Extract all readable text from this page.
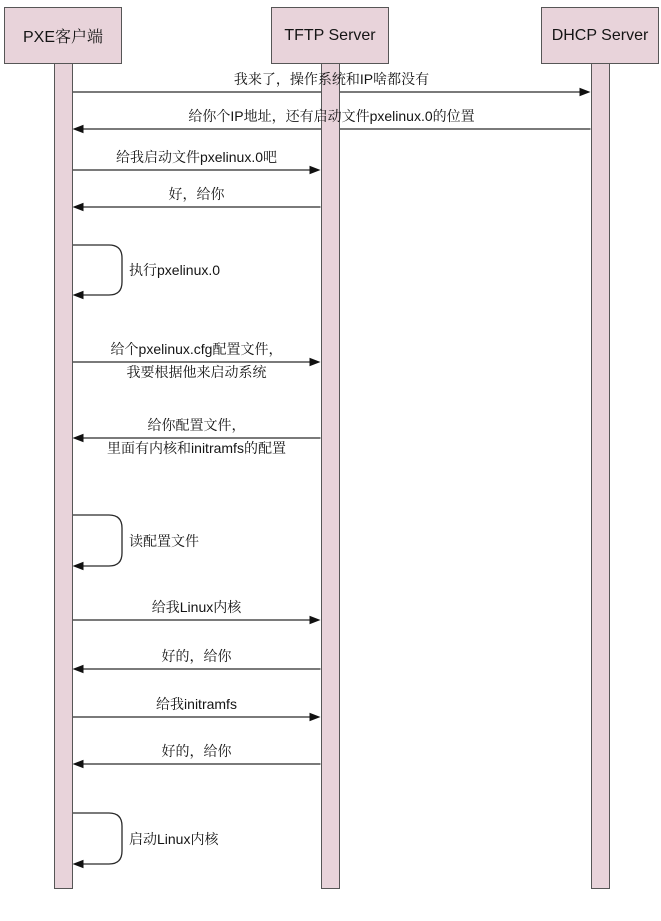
PXE客户端	TFTP Server	DHCP Server
我来了，操作系统和IP啥都没有
给你个IP地址，还有启动文件pxelinux.0的位置
给我启动文件pxelinux.0吧
好，给你
执行pxelinux.0
给个pxelinux.cfg配置文件，
我要根据他来启动系统
给你配置文件，
里面有内核和initramfs的配置
读配置文件
给我Linux内核
好的，给你
给我initramfs
好的，给你
启动Linux内核
